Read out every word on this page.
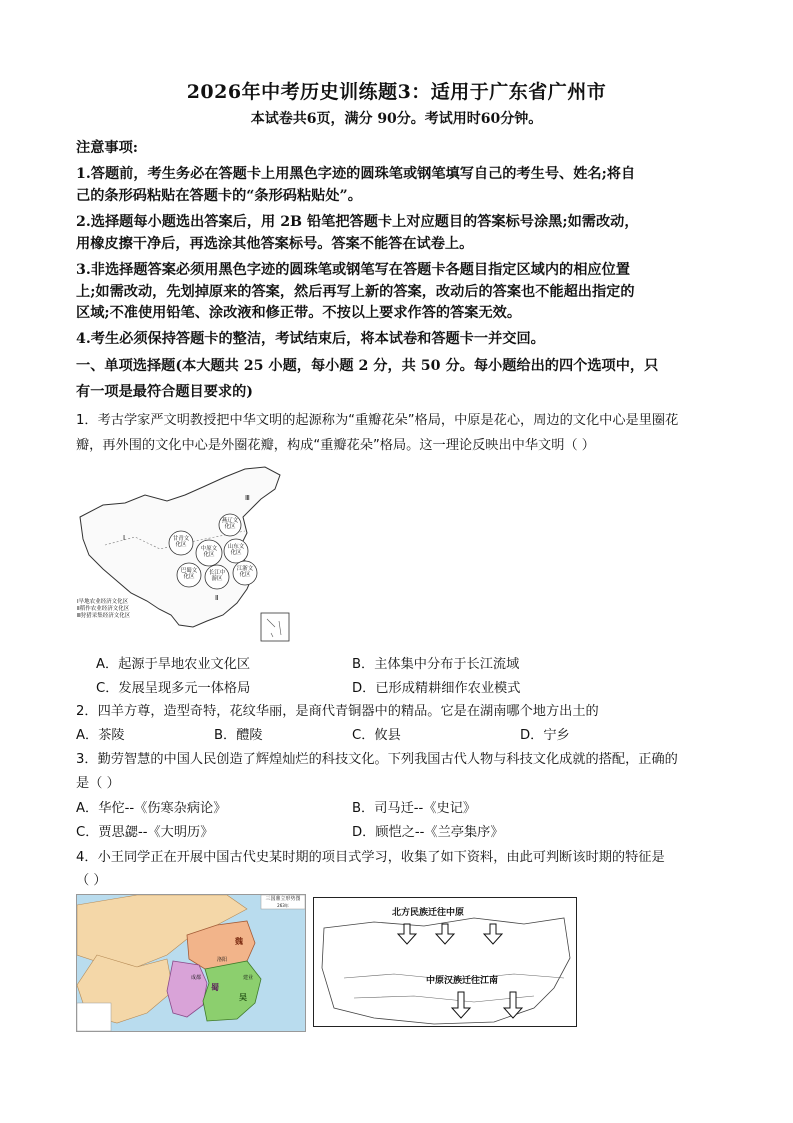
2026年中考历史训练题3：适用于广东省广州市
本试卷共6页，满分 90分。考试用时60分钟。
注意事项:
1.答题前，考生务必在答题卡上用黑色字迹的圆珠笔或钢笔填写自己的考生号、姓名;将自
己的条形码粘贴在答题卡的“条形码粘贴处”。
2.选择题每小题选出答案后，用 2B 铅笔把答题卡上对应题目的答案标号涂黑;如需改动，
用橡皮擦干净后，再选涂其他答案标号。答案不能答在试卷上。
3.非选择题答案必须用黑色字迹的圆珠笔或钢笔写在答题卡各题目指定区域内的相应位置
上;如需改动，先划掉原来的答案，然后再写上新的答案，改动后的答案也不能超出指定的
区域;不准使用铅笔、涂改液和修正带。不按以上要求作答的答案无效。
4.考生必须保持答题卡的整洁，考试结束后，将本试卷和答题卡一并交回。
一、单项选择题(本大题共 25 小题，每小题 2 分，共 50 分。每小题给出的四个选项中，只
有一项是最符合题目要求的)
1．考古学家严文明教授把中华文明的起源称为“重瓣花朵”格局，中原是花心，周边的文化中心是里圈花
瓣，再外围的文化中心是外圈花瓣，构成“重瓣花朵”格局。这一理论反映出中华文明（ ）
燕辽文化区
甘青文化区
中原文化区
山东文化区
巴蜀文化区
长江中游区
江浙文化区
Ⅰ
Ⅱ
Ⅲ
Ⅰ旱地农业经济文化区
Ⅱ稻作农业经济文化区
Ⅲ狩猎采集经济文化区
A．起源于旱地农业文化区	B．主体集中分布于长江流域
C．发展呈现多元一体格局	D．已形成精耕细作农业模式
2．四羊方尊，造型奇特，花纹华丽，是商代青铜器中的精品。它是在湖南哪个地方出土的
A．茶陵	B．醴陵	C．攸县	D．宁乡
3．勤劳智慧的中国人民创造了辉煌灿烂的科技文化。下列我国古代人物与科技文化成就的搭配，正确的
是（ ）
A．华佗--《伤寒杂病论》	B．司马迁--《史记》
C．贾思勰--《大明历》	D．顾恺之--《兰亭集序》
4．小王同学正在开展中国古代史某时期的项目式学习，收集了如下资料，由此可判断该时期的特征是
（ ）
三国鼎立形势图
263年
魏
蜀
吴
洛阳
成都	建业
北方民族迁往中原
中原汉族迁往江南
